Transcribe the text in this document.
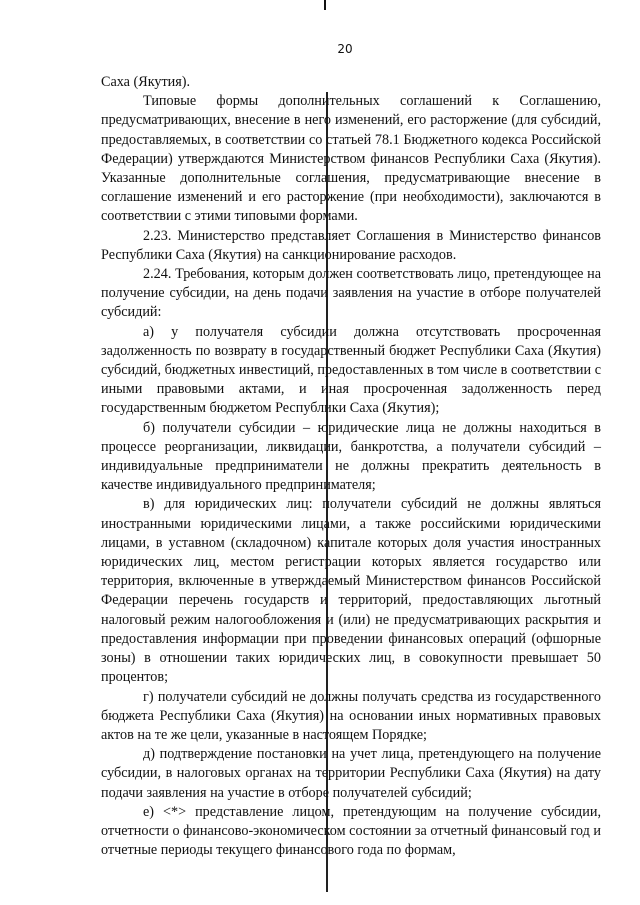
20

Саха (Якутия).

Типовые формы дополнительных соглашений к Соглашению, предусматривающих, внесение в него изменений, его расторжение (для субсидий, предоставляемых, в соответствии со статьей 78.1 Бюджетного кодекса Российской Федерации) утверждаются Министерством финансов Республики Саха (Якутия). Указанные дополнительные соглашения, предусматривающие внесение в соглашение изменений и его расторжение (при необходимости), заключаются в соответствии с этими типовыми формами.

2.23. Министерство представляет Соглашения в Министерство финансов Республики Саха (Якутия) на санкционирование расходов.

2.24. Требования, которым должен соответствовать лицо, претендующее на получение субсидии, на день подачи заявления на участие в отборе получателей субсидий:

а) у получателя субсидии должна отсутствовать просроченная задолженность по возврату в государственный бюджет Республики Саха (Якутия) субсидий, бюджетных инвестиций, предоставленных в том числе в соответствии с иными правовыми актами, и иная просроченная задолженность перед государственным бюджетом Республики Саха (Якутия);

б) получатели субсидии – юридические лица не должны находиться в процессе реорганизации, ликвидации, банкротства, а получатели субсидий – индивидуальные предприниматели не должны прекратить деятельность в качестве индивидуального предпринимателя;

в) для юридических лиц: получатели субсидий не должны являться иностранными юридическими лицами, а также российскими юридическими лицами, в уставном (складочном) капитале которых доля участия иностранных юридических лиц, местом регистрации которых является государство или территория, включенные в утверждаемый Министерством финансов Российской Федерации перечень государств и территорий, предоставляющих льготный налоговый режим налогообложения и (или) не предусматривающих раскрытия и предоставления информации при проведении финансовых операций (офшорные зоны) в отношении таких юридических лиц, в совокупности превышает 50 процентов;

г) получатели субсидий не должны получать средства из государственного бюджета Республики Саха (Якутия) на основании иных нормативных правовых актов на те же цели, указанные в настоящем Порядке;

д) подтверждение постановки на учет лица, претендующего на получение субсидии, в налоговых органах на территории Республики Саха (Якутия) на дату подачи заявления на участие в отборе получателей субсидий;

е) <*> представление лицом, претендующим на получение субсидии, отчетности о финансово-экономическом состоянии за отчетный финансовый год и отчетные периоды текущего финансового года по формам,
